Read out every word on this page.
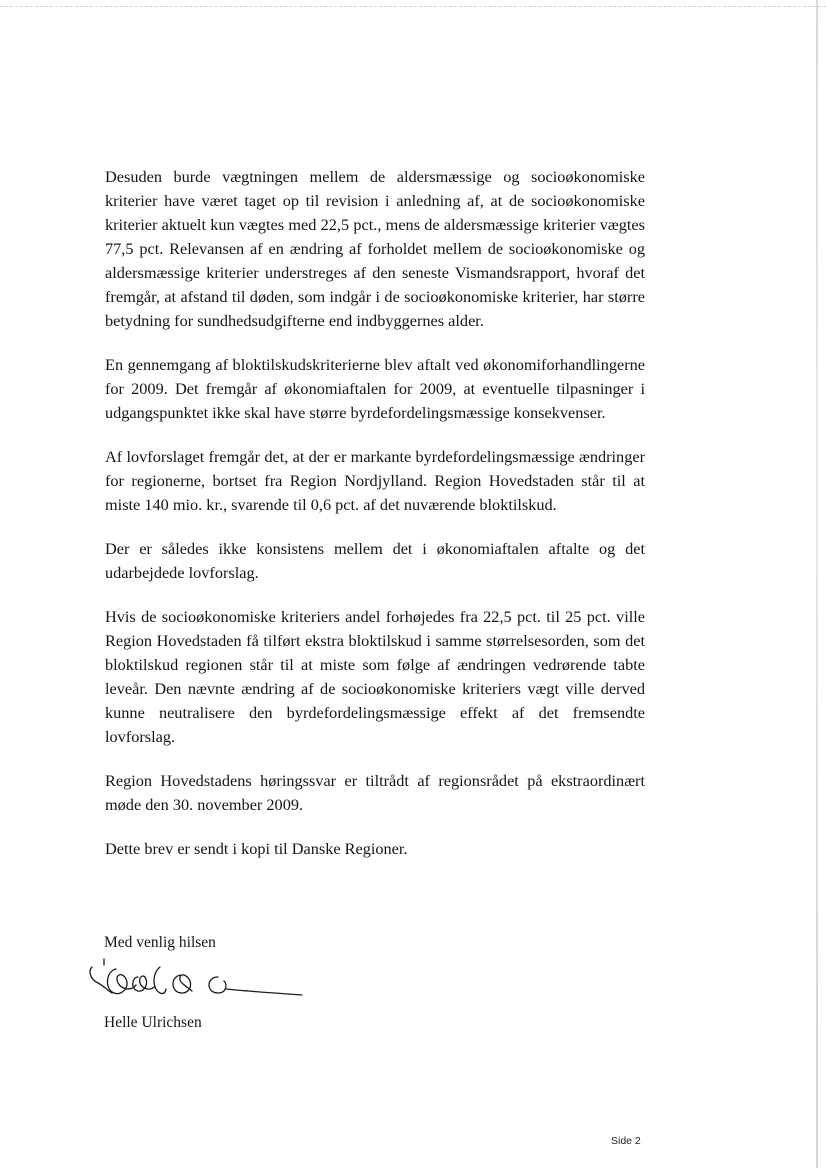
Desuden burde vægtningen mellem de aldersmæssige og socioøkonomiske kriterier have været taget op til revision i anledning af, at de socioøkonomiske kriterier aktuelt kun vægtes med 22,5 pct., mens de aldersmæssige kriterier vægtes 77,5 pct. Relevansen af en ændring af forholdet mellem de socioøkonomiske og aldersmæssige kriterier understreges af den seneste Vismandsrapport, hvoraf det fremgår, at afstand til døden, som indgår i de socioøkonomiske kriterier, har større betydning for sundhedsudgifterne end indbyggernes alder.

En gennemgang af bloktilskudskriterierne blev aftalt ved økonomiforhandlingerne for 2009. Det fremgår af økonomiaftalen for 2009, at eventuelle tilpasninger i udgangspunktet ikke skal have større byrdefordelingsmæssige konsekvenser.

Af lovforslaget fremgår det, at der er markante byrdefordelingsmæssige ændringer for regionerne, bortset fra Region Nordjylland. Region Hovedstaden står til at miste 140 mio. kr., svarende til 0,6 pct. af det nuværende bloktilskud.

Der er således ikke konsistens mellem det i økonomiaftalen aftalte og det udarbejdede lovforslag.

Hvis de socioøkonomiske kriteriers andel forhøjedes fra 22,5 pct. til 25 pct. ville Region Hovedstaden få tilført ekstra bloktilskud i samme størrelsesorden, som det bloktilskud regionen står til at miste som følge af ændringen vedrørende tabte leveår. Den nævnte ændring af de socioøkonomiske kriteriers vægt ville derved kunne neutralisere den byrdefordelingsmæssige effekt af det fremsendte lovforslag.

Region Hovedstadens høringssvar er tiltrådt af regionsrådet på ekstraordinært møde den 30. november 2009.

Dette brev er sendt i kopi til Danske Regioner.

Med venlig hilsen
Helle Ulrichsen
Side 2
